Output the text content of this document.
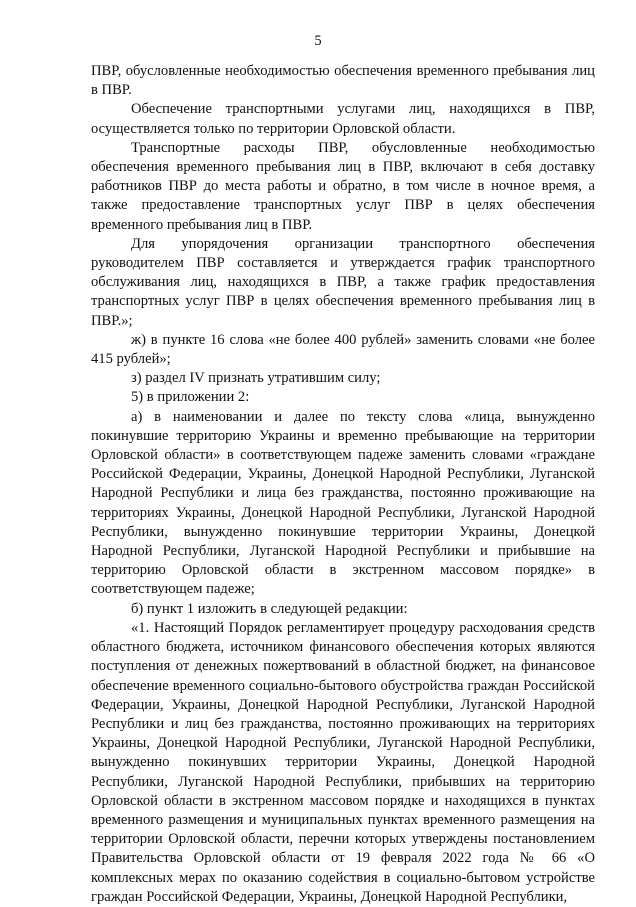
5

ПВР, обусловленные необходимостью обеспечения временного пребывания лиц в ПВР.

Обеспечение транспортными услугами лиц, находящихся в ПВР, осуществляется только по территории Орловской области.

Транспортные расходы ПВР, обусловленные необходимостью обеспечения временного пребывания лиц в ПВР, включают в себя доставку работников ПВР до места работы и обратно, в том числе в ночное время, а также предоставление транспортных услуг ПВР в целях обеспечения временного пребывания лиц в ПВР.

Для упорядочения организации транспортного обеспечения руководителем ПВР составляется и утверждается график транспортного обслуживания лиц, находящихся в ПВР, а также график предоставления транспортных услуг ПВР в целях обеспечения временного пребывания лиц в ПВР.»;

ж) в пункте 16 слова «не более 400 рублей» заменить словами «не более 415 рублей»;

з) раздел IV признать утратившим силу;

5) в приложении 2:

а) в наименовании и далее по тексту слова «лица, вынужденно покинувшие территорию Украины и временно пребывающие на территории Орловской области» в соответствующем падеже заменить словами «граждане Российской Федерации, Украины, Донецкой Народной Республики, Луганской Народной Республики и лица без гражданства, постоянно проживающие на территориях Украины, Донецкой Народной Республики, Луганской Народной Республики, вынужденно покинувшие территории Украины, Донецкой Народной Республики, Луганской Народной Республики и прибывшие на территорию Орловской области в экстренном массовом порядке» в соответствующем падеже;

б) пункт 1 изложить в следующей редакции:

«1. Настоящий Порядок регламентирует процедуру расходования средств областного бюджета, источником финансового обеспечения которых являются поступления от денежных пожертвований в областной бюджет, на финансовое обеспечение временного социально-бытового обустройства граждан Российской Федерации, Украины, Донецкой Народной Республики, Луганской Народной Республики и лиц без гражданства, постоянно проживающих на территориях Украины, Донецкой Народной Республики, Луганской Народной Республики, вынужденно покинувших территории Украины, Донецкой Народной Республики, Луганской Народной Республики, прибывших на территорию Орловской области в экстренном массовом порядке и находящихся в пунктах временного размещения и муниципальных пунктах временного размещения на территории Орловской области, перечни которых утверждены постановлением Правительства Орловской области от 19 февраля 2022 года № 66 «О комплексных мерах по оказанию содействия в социально-бытовом устройстве граждан Российской Федерации, Украины, Донецкой Народной Республики,
